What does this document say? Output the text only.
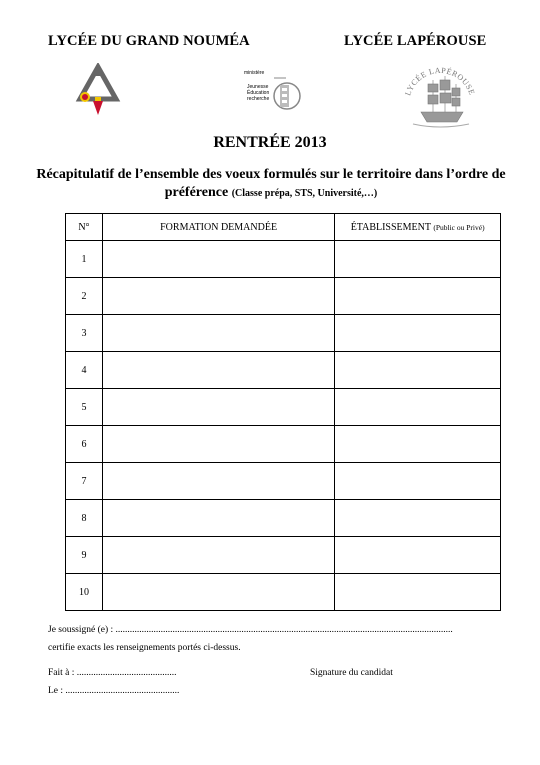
LYCÉE DU GRAND NOUMÉA	LYCÉE LAPÉROUSE
ministère
Jeunesse
Éducation
recherche
LYCÉE LAPÉROUSE
RENTRÉE 2013
Récapitulatif de l’ensemble des voeux formulés sur le territoire dans l’ordre de préférence (Classe prépa, STS, Université,…)
N°	FORMATION DEMANDÉE	ÉTABLISSEMENT (Public ou Privé)
1		
2		
3		
4		
5		
6		
7		
8		
9		
10		
Je soussigné (e) : ..............................................................................................................................................
certifie exacts les renseignements portés ci-dessus.
Fait à : ..........................................	Signature du candidat
Le : ................................................
